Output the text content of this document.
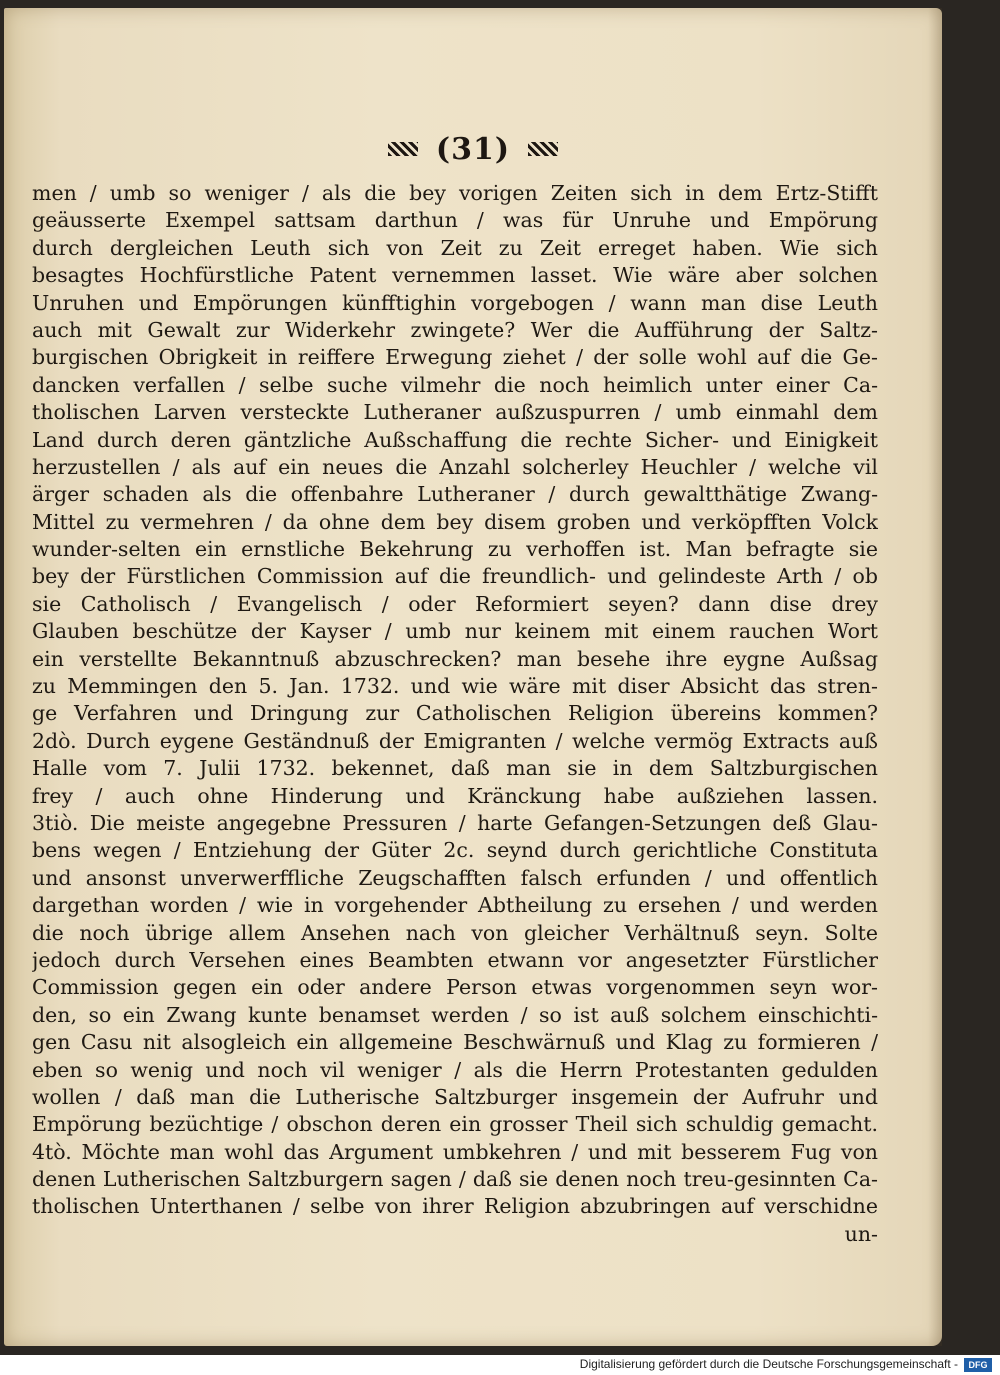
(31)
men / umb so weniger / als die bey vorigen Zeiten sich in dem Ertz-Stifft
geäusserte Exempel sattsam darthun / was für Unruhe und Empörung
durch dergleichen Leuth sich von Zeit zu Zeit erreget haben. Wie sich
besagtes Hochfürstliche Patent vernemmen lasset. Wie wäre aber solchen
Unruhen und Empörungen künfftighin vorgebogen / wann man dise Leuth
auch mit Gewalt zur Widerkehr zwingete? Wer die Aufführung der Saltz-
burgischen Obrigkeit in reiffere Erwegung ziehet / der solle wohl auf die Ge-
dancken verfallen / selbe suche vilmehr die noch heimlich unter einer Ca-
tholischen Larven versteckte Lutheraner außzuspurren / umb einmahl dem
Land durch deren gäntzliche Außschaffung die rechte Sicher- und Einigkeit
herzustellen / als auf ein neues die Anzahl solcherley Heuchler / welche vil
ärger schaden als die offenbahre Lutheraner / durch gewaltthätige Zwang-
Mittel zu vermehren / da ohne dem bey disem groben und verköpfften Volck
wunder-selten ein ernstliche Bekehrung zu verhoffen ist. Man befragte sie
bey der Fürstlichen Commission auf die freundlich- und gelindeste Arth / ob
sie Catholisch / Evangelisch / oder Reformiert seyen? dann dise drey
Glauben beschütze der Kayser / umb nur keinem mit einem rauchen Wort
ein verstellte Bekanntnuß abzuschrecken? man besehe ihre eygne Außsag
zu Memmingen den 5. Jan. 1732. und wie wäre mit diser Absicht das stren-
ge Verfahren und Dringung zur Catholischen Religion übereins kommen?
2dò. Durch eygene Geständnuß der Emigranten / welche vermög Extracts auß
Halle vom 7. Julii 1732. bekennet, daß man sie in dem Saltzburgischen
frey / auch ohne Hinderung und Kränckung habe außziehen lassen.
3tiò. Die meiste angegebne Pressuren / harte Gefangen-Setzungen deß Glau-
bens wegen / Entziehung der Güter 2c. seynd durch gerichtliche Constituta
und ansonst unverwerffliche Zeugschafften falsch erfunden / und offentlich
dargethan worden / wie in vorgehender Abtheilung zu ersehen / und werden
die noch übrige allem Ansehen nach von gleicher Verhältnuß seyn. Solte
jedoch durch Versehen eines Beambten etwann vor angesetzter Fürstlicher
Commission gegen ein oder andere Person etwas vorgenommen seyn wor-
den, so ein Zwang kunte benamset werden / so ist auß solchem einschichti-
gen Casu nit alsogleich ein allgemeine Beschwärnuß und Klag zu formieren /
eben so wenig und noch vil weniger / als die Herrn Protestanten gedulden
wollen / daß man die Lutherische Saltzburger insgemein der Aufruhr und
Empörung bezüchtige / obschon deren ein grosser Theil sich schuldig gemacht.
4tò. Möchte man wohl das Argument umbkehren / und mit besserem Fug von
denen Lutherischen Saltzburgern sagen / daß sie denen noch treu-gesinnten Ca-
tholischen Unterthanen / selbe von ihrer Religion abzubringen auf verschidne
un-
Digitalisierung gefördert durch die Deutsche Forschungsgemeinschaft -	DFG
